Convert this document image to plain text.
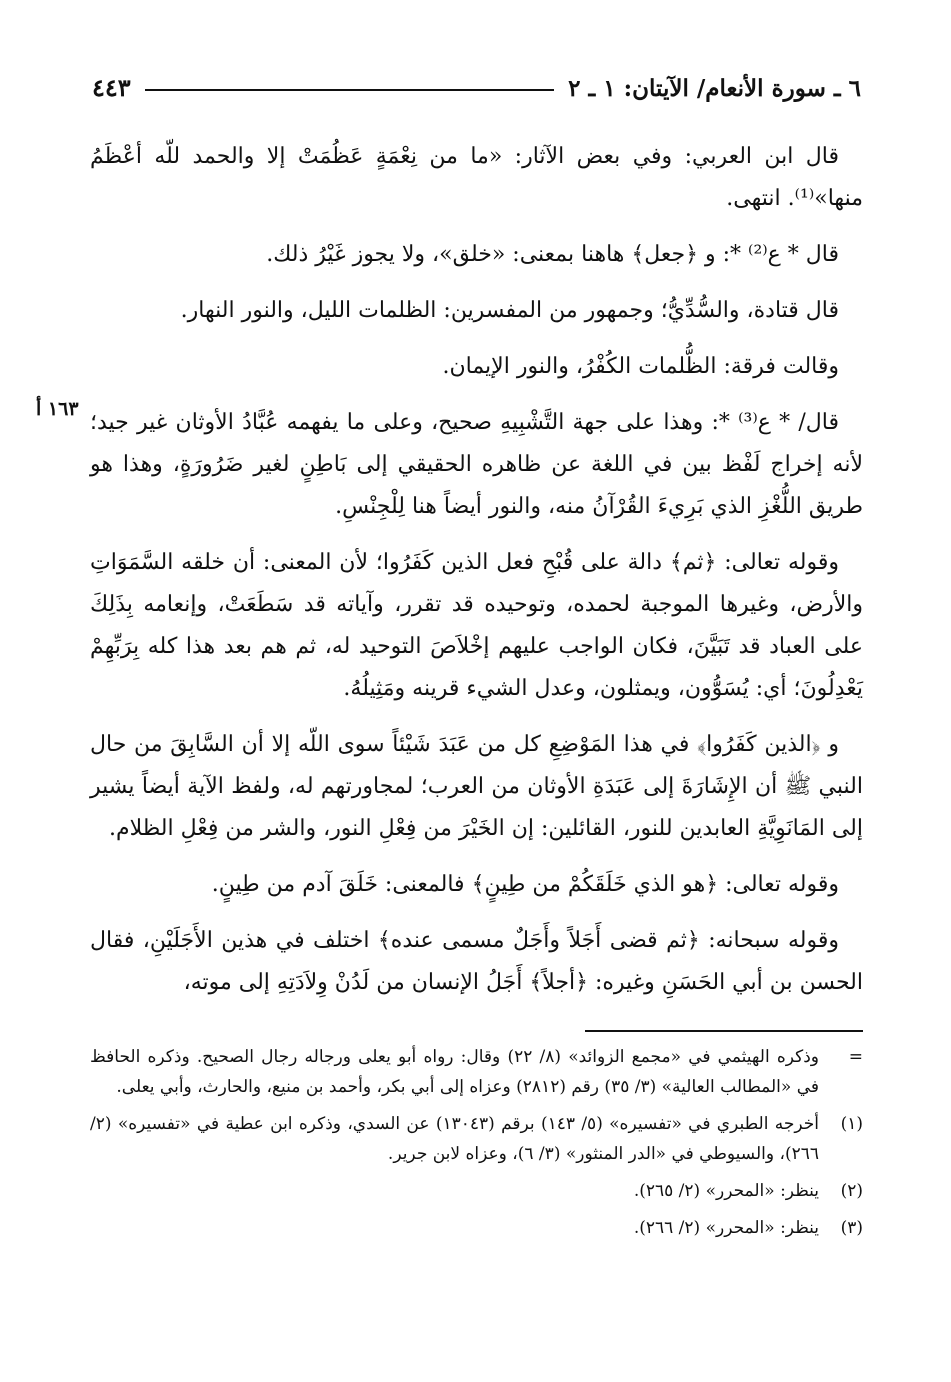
٦ ـ سورة الأنعام/ الآيتان: ١ ـ ٢
٤٤٣
١٦٣ أ

قال ابن العربي: وفي بعض الآثار: «ما من نِعْمَةٍ عَظُمَتْ إلا والحمد للّه أعْظَمُ منها»⁽¹⁾. انتهى.

قال * ع⁽²⁾ *: و ﴿جعل﴾ هاهنا بمعنى: «خلق»، ولا يجوز غَيْرُ ذلك.

قال قتادة، والسُّدِّيُّ؛ وجمهور من المفسرين: الظلمات الليل، والنور النهار.

وقالت فرقة: الظُّلمات الكُفْرُ، والنور الإيمان.

قال/ * ع⁽³⁾ *: وهذا على جهة التَّشْبِيهِ صحيح، وعلى ما يفهمه عُبَّادُ الأوثان غير جيد؛ لأنه إخراج لَفْظ بين في اللغة عن ظاهره الحقيقي إلى بَاطِنٍ لغير ضَرُورَةٍ، وهذا هو طريق اللُّغْزِ الذي بَرِيءَ القُرْآنُ منه، والنور أيضاً هنا لِلْجِنْسِ.

وقوله تعالى: ﴿ثم﴾ دالة على قُبْحِ فعل الذين كَفَرُوا؛ لأن المعنى: أن خلقه السَّمَوَاتِ والأرض، وغيرها الموجبة لحمده، وتوحيده قد تقرر، وآياته قد سَطَعَتْ، وإنعامه بِذَلِكَ على العباد قد تَبَيَّنَ، فكان الواجب عليهم إخْلاَصَ التوحيد له، ثم هم بعد هذا كله بِرَبِّهِمْ يَعْدِلُونَ؛ أي: يُسَوُّون، ويمثلون، وعدل الشيء قرينه ومَثِيلُهُ.

و ﴿الذين كَفَرُوا﴾ في هذا المَوْضِعِ كل من عَبَدَ شَيْئاً سوى اللّه إلا أن السَّابِقَ من حال النبي ﷺ أن الإِشَارَةَ إلى عَبَدَةِ الأوثان من العرب؛ لمجاورتهم له، ولفظ الآية أيضاً يشير إلى المَانَوِيَّةِ العابدين للنور، القائلين: إن الخَيْرَ من فِعْلِ النور، والشر من فِعْلِ الظلام.

وقوله تعالى: ﴿هو الذي خَلَقَكُمْ من طِينٍ﴾ فالمعنى: خَلَقَ آدم من طِينٍ.

وقوله سبحانه: ﴿ثم قضى أَجَلاً وأَجَلٌ مسمى عنده﴾ اختلف في هذين الأَجَلَيْنِ، فقال الحسن بن أبي الحَسَنِ وغيره: ﴿أجلاً﴾ أَجَلُ الإنسان من لَدُنْ وِلاَدَتِهِ إلى موته،

=
وذكره الهيثمي في «مجمع الزوائد» (٨/ ٢٢) وقال: رواه أبو يعلى ورجاله رجال الصحيح. وذكره الحافظ في «المطالب العالية» (٣/ ٣٥) رقم (٢٨١٢) وعزاه إلى أبي بكر، وأحمد بن منيع، والحارث، وأبي يعلى.
(١)
أخرجه الطبري في «تفسيره» (٥/ ١٤٣) برقم (١٣٠٤٣) عن السدي، وذكره ابن عطية في «تفسيره» (٢/ ٢٦٦)، والسيوطي في «الدر المنثور» (٣/ ٦)، وعزاه لابن جرير.
(٢)
ينظر: «المحرر» (٢/ ٢٦٥).
(٣)
ينظر: «المحرر» (٢/ ٢٦٦).
